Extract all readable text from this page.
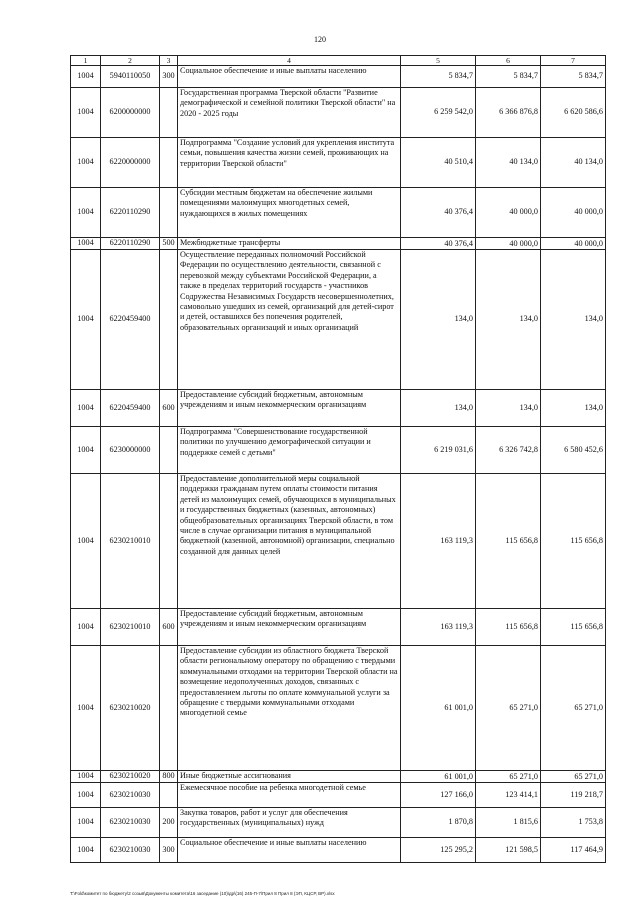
120
1	2	3	4	5	6	7
1004	5940110050	300	Социальное обеспечение и иные выплаты населению	5 834,7	5 834,7	5 834,7
1004	6200000000		Государственная программа Тверской области "Развитие демографической и семейной политики Тверской области" на 2020 - 2025 годы	6 259 542,0	6 366 876,8	6 620 586,6
1004	6220000000		Подпрограмма "Создание условий для укрепления института семьи, повышения качества жизни семей, проживающих на территории Тверской области"	40 510,4	40 134,0	40 134,0
1004	6220110290		Субсидии местным бюджетам на обеспечение жилыми помещениями малоимущих многодетных семей, нуждающихся в жилых помещениях	40 376,4	40 000,0	40 000,0
1004	6220110290	500	Межбюджетные трансферты	40 376,4	40 000,0	40 000,0
1004	6220459400		Осуществление переданных полномочий Российской Федерации по осуществлению деятельности, связанной с перевозкой между субъектами Российской Федерации, а также в пределах территорий государств - участников Содружества Независимых Государств несовершеннолетних, самовольно ушедших из семей, организаций для детей-сирот и детей, оставшихся без попечения родителей, образовательных организаций и иных организаций	134,0	134,0	134,0
1004	6220459400	600	Предоставление субсидий бюджетным, автономным учреждениям и иным некоммерческим организациям	134,0	134,0	134,0
1004	6230000000		Подпрограмма "Совершенствование государственной политики по улучшению демографической ситуации и поддержке семей с детьми"	6 219 031,6	6 326 742,8	6 580 452,6
1004	6230210010		Предоставление дополнительной меры социальной поддержки гражданам путем оплаты стоимости питания детей из малоимущих семей, обучающихся в муниципальных и государственных бюджетных (казенных, автономных) общеобразовательных организациях Тверской области, в том числе в случае организации питания в муниципальной бюджетной (казенной, автономной) организации, специально созданной для данных целей	163 119,3	115 656,8	115 656,8
1004	6230210010	600	Предоставление субсидий бюджетным, автономным учреждениям и иным некоммерческим организациям	163 119,3	115 656,8	115 656,8
1004	6230210020		Предоставление субсидии из областного бюджета Тверской области региональному оператору по обращению с твердыми коммунальными отходами на территории Тверской области на возмещение недополученных доходов, связанных с предоставлением льготы по оплате коммунальной услуги за обращение с твердыми коммунальными отходами многодетной семье	61 001,0	65 271,0	65 271,0
1004	6230210020	800	Иные бюджетные ассигнования	61 001,0	65 271,0	65 271,0
1004	6230210030		Ежемесячное пособие на ребенка многодетной семье	127 166,0	123 414,1	119 218,7
1004	6230210030	200	Закупка товаров, работ и услуг для обеспечения государственных (муниципальных) нужд	1 870,8	1 815,6	1 753,8
1004	6230210030	300	Социальное обеспечение и иные выплаты населению	125 295,2	121 598,5	117 464,9
T:\Fold\комитет по бюджету\2 созыв\Документы комитета\16 заседание (10)\др\(16) 245-П-7\Прил 8 Прил 8 (ЭП, КЦСР, ВР).xlsx
